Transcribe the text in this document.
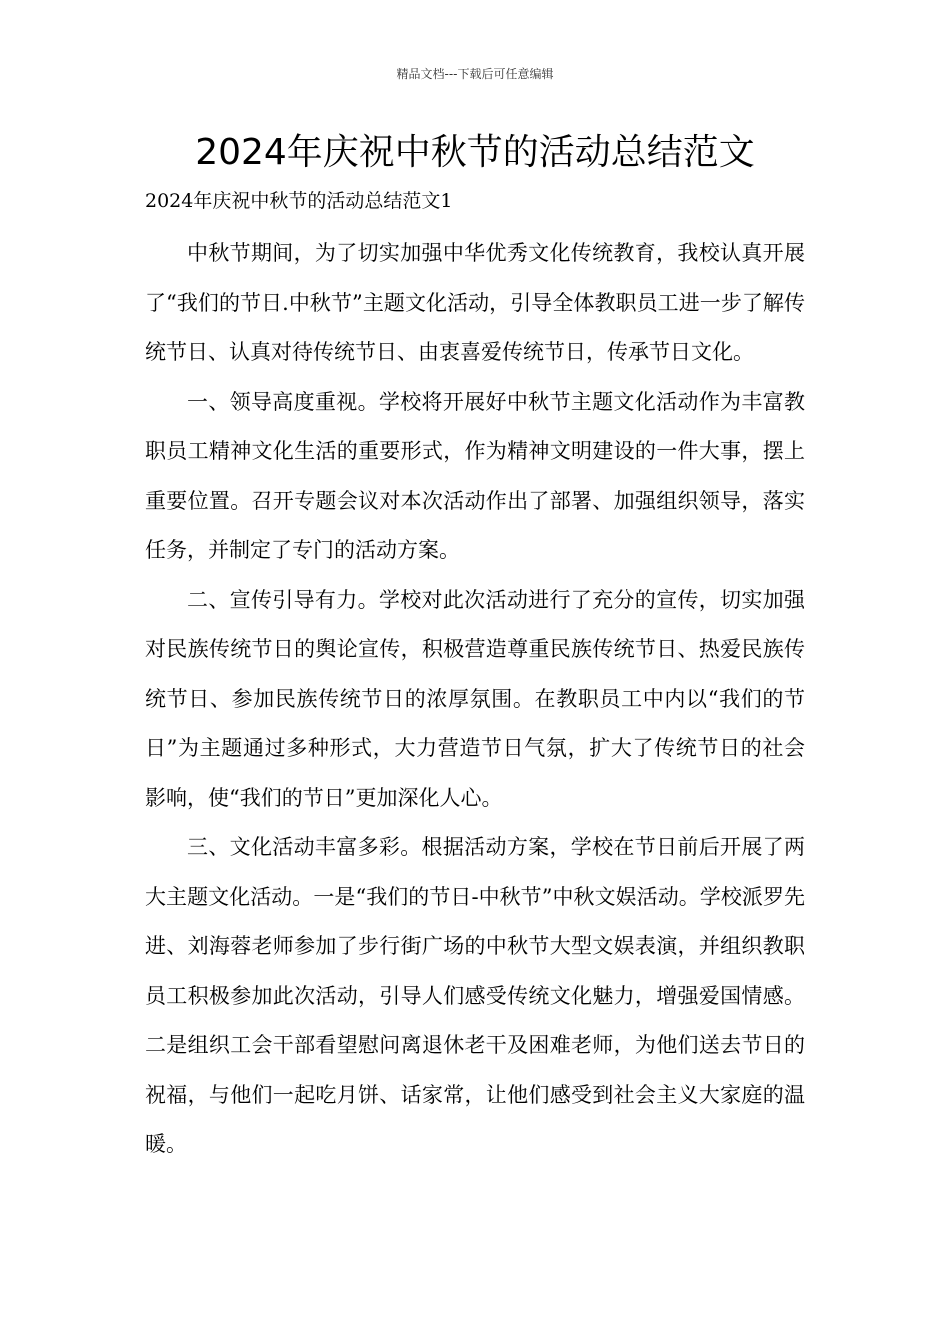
精品文档---下载后可任意编辑
2024年庆祝中秋节的活动总结范文
2024年庆祝中秋节的活动总结范文1

中秋节期间，为了切实加强中华优秀文化传统教育，我校认真开展了“我们的节日.中秋节”主题文化活动，引导全体教职员工进一步了解传统节日、认真对待传统节日、由衷喜爱传统节日，传承节日文化。

一、领导高度重视。学校将开展好中秋节主题文化活动作为丰富教职员工精神文化生活的重要形式，作为精神文明建设的一件大事，摆上重要位置。召开专题会议对本次活动作出了部署、加强组织领导，落实任务，并制定了专门的活动方案。

二、宣传引导有力。学校对此次活动进行了充分的宣传，切实加强对民族传统节日的舆论宣传，积极营造尊重民族传统节日、热爱民族传统节日、参加民族传统节日的浓厚氛围。在教职员工中内以“我们的节日”为主题通过多种形式，大力营造节日气氛，扩大了传统节日的社会影响，使“我们的节日”更加深化人心。

三、文化活动丰富多彩。根据活动方案，学校在节日前后开展了两大主题文化活动。一是“我们的节日-中秋节”中秋文娱活动。学校派罗先进、刘海蓉老师参加了步行街广场的中秋节大型文娱表演，并组织教职员工积极参加此次活动，引导人们感受传统文化魅力，增强爱国情感。二是组织工会干部看望慰问离退休老干及困难老师，为他们送去节日的祝福，与他们一起吃月饼、话家常，让他们感受到社会主义大家庭的温暖。
